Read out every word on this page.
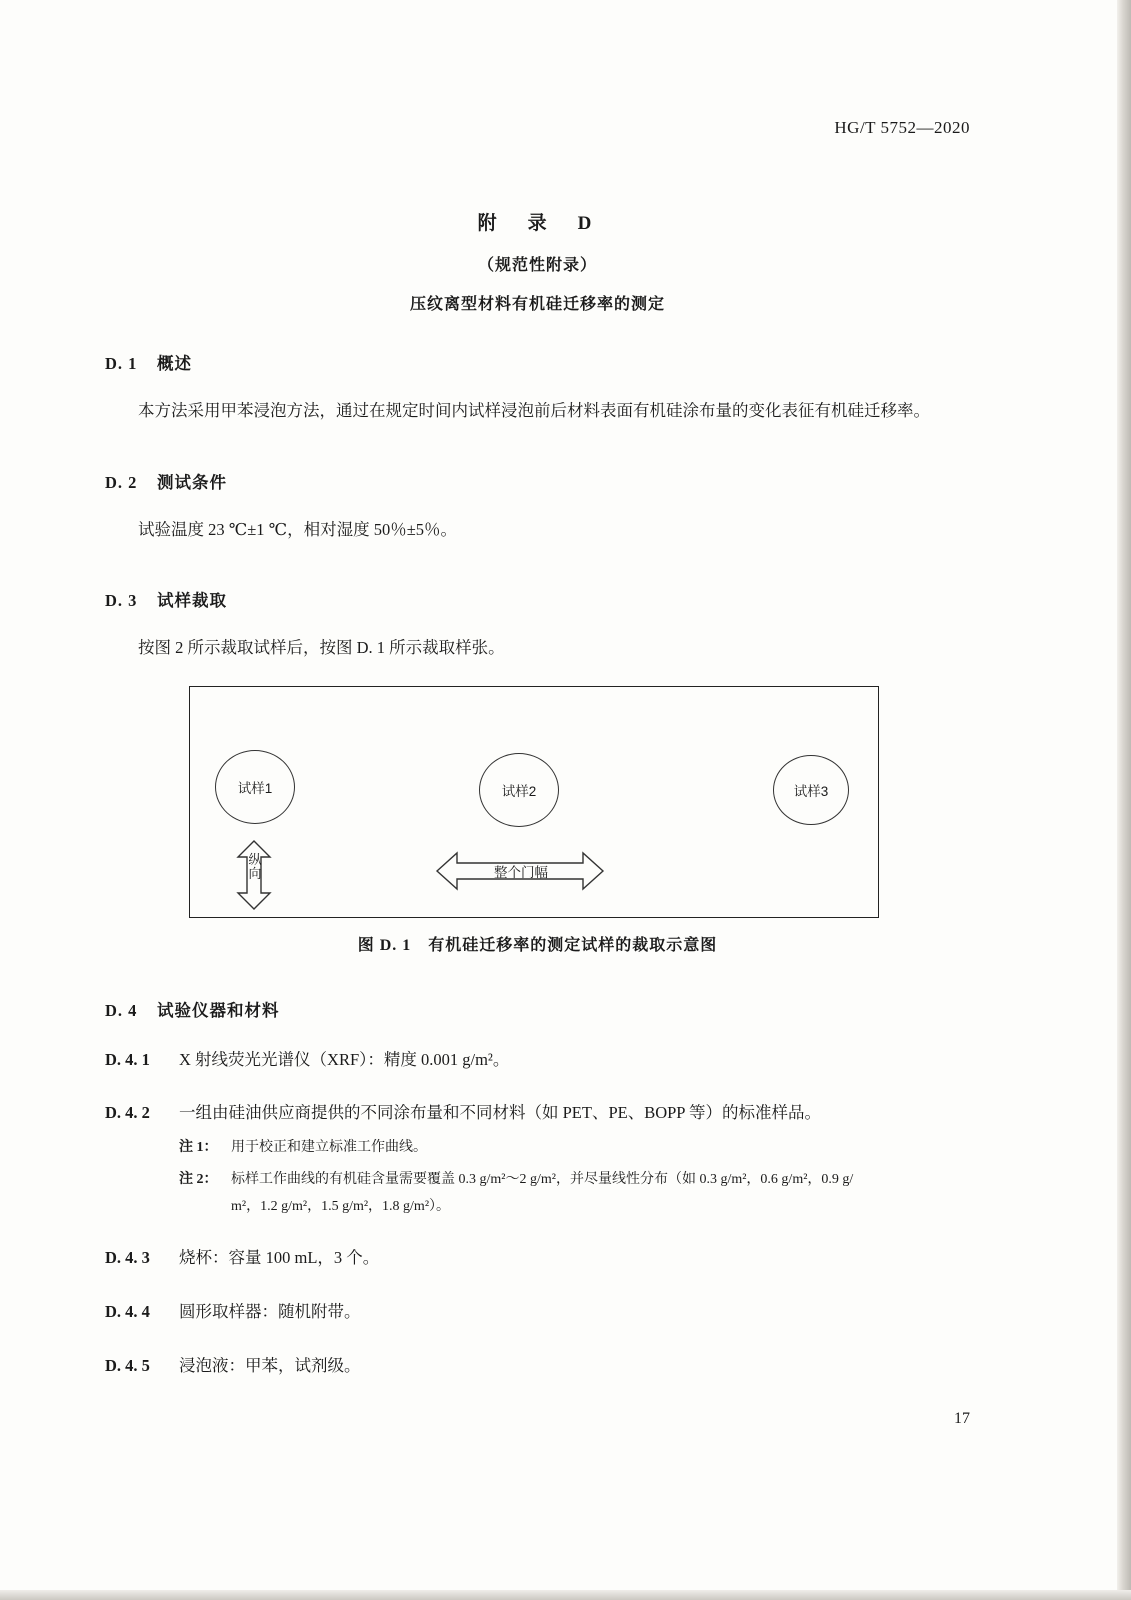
HG/T 5752—2020
附　录　D
（规范性附录）
压纹离型材料有机硅迁移率的测定
D. 1 概述
本方法采用甲苯浸泡方法，通过在规定时间内试样浸泡前后材料表面有机硅涂布量的变化表征有机硅迁移率。
D. 2 测试条件
试验温度 23 ℃±1 ℃，相对湿度 50％±5％。
D. 3 试样裁取
按图 2 所示裁取试样后，按图 D. 1 所示裁取样张。
试样1	试样2	试样3
纵向	整个门幅
图 D. 1　有机硅迁移率的测定试样的裁取示意图
D. 4 试验仪器和材料
D. 4. 1	X 射线荧光光谱仪（XRF）：精度 0.001 g/m²。
D. 4. 2	一组由硅油供应商提供的不同涂布量和不同材料（如 PET、PE、BOPP 等）的标准样品。
注 1： 用于校正和建立标准工作曲线。
注 2： 标样工作曲线的有机硅含量需要覆盖 0.3 g/m²～2 g/m²，并尽量线性分布（如 0.3 g/m²，0.6 g/m²，0.9 g/
m²，1.2 g/m²，1.5 g/m²，1.8 g/m²）。
D. 4. 3	烧杯：容量 100 mL，3 个。
D. 4. 4	圆形取样器：随机附带。
D. 4. 5	浸泡液：甲苯，试剂级。
17
